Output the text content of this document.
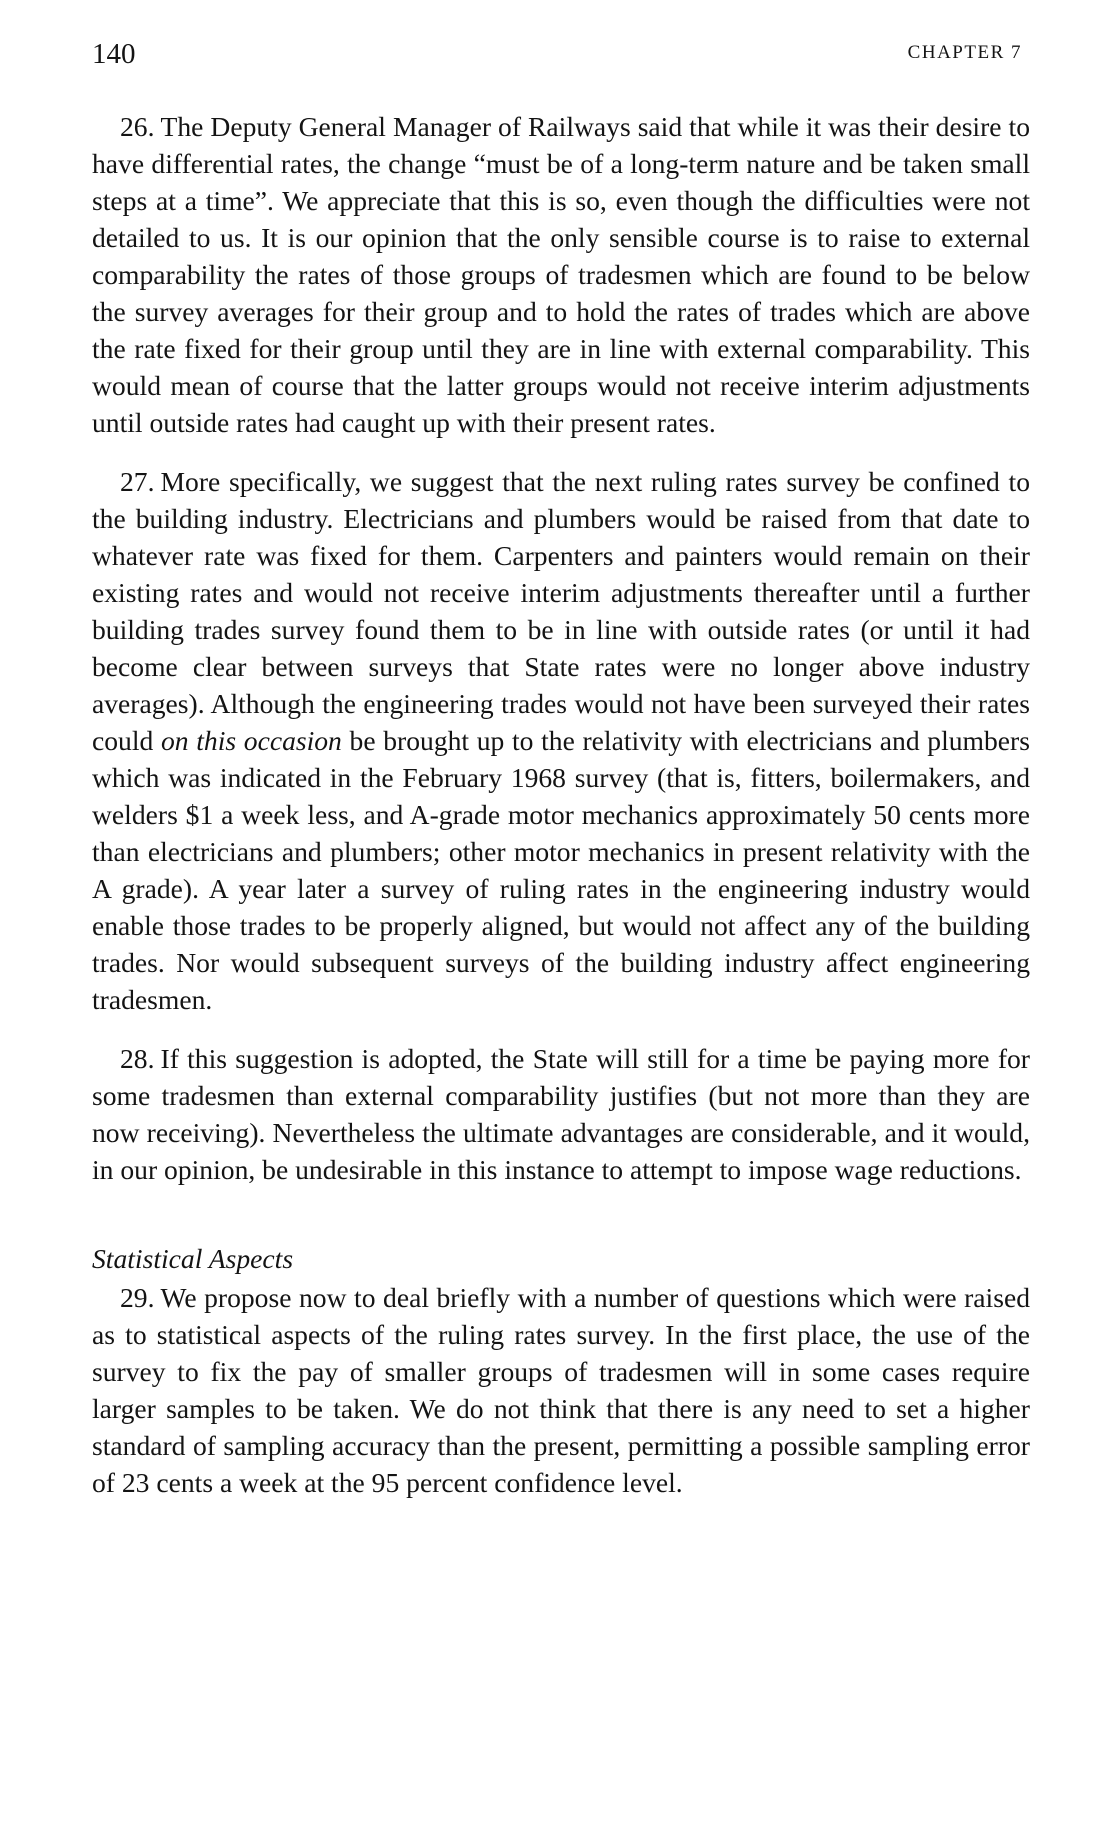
140	CHAPTER 7

26. The Deputy General Manager of Railways said that while it was their desire to have differential rates, the change “must be of a long-term nature and be taken small steps at a time”. We appreciate that this is so, even though the difficulties were not detailed to us. It is our opinion that the only sensible course is to raise to external comparability the rates of those groups of tradesmen which are found to be below the survey averages for their group and to hold the rates of trades which are above the rate fixed for their group until they are in line with external comparability. This would mean of course that the latter groups would not receive interim adjustments until outside rates had caught up with their present rates.

27. More specifically, we suggest that the next ruling rates survey be confined to the building industry. Electricians and plumbers would be raised from that date to whatever rate was fixed for them. Carpenters and painters would remain on their existing rates and would not receive interim adjustments thereafter until a further building trades survey found them to be in line with outside rates (or until it had become clear between surveys that State rates were no longer above industry averages). Although the engineering trades would not have been surveyed their rates could on this occasion be brought up to the relativity with electricians and plumbers which was indicated in the February 1968 survey (that is, fitters, boilermakers, and welders $1 a week less, and A-grade motor mechanics approximately 50 cents more than electricians and plumbers; other motor mechanics in present relativity with the A grade). A year later a survey of ruling rates in the engineering industry would enable those trades to be properly aligned, but would not affect any of the building trades. Nor would subsequent surveys of the building industry affect engineering tradesmen.

28. If this suggestion is adopted, the State will still for a time be paying more for some tradesmen than external comparability justifies (but not more than they are now receiving). Nevertheless the ultimate advantages are considerable, and it would, in our opinion, be undesirable in this instance to attempt to impose wage reductions.

Statistical Aspects

29. We propose now to deal briefly with a number of questions which were raised as to statistical aspects of the ruling rates survey. In the first place, the use of the survey to fix the pay of smaller groups of tradesmen will in some cases require larger samples to be taken. We do not think that there is any need to set a higher standard of sampling accuracy than the present, permitting a possible sampling error of 23 cents a week at the 95 percent confidence level.
